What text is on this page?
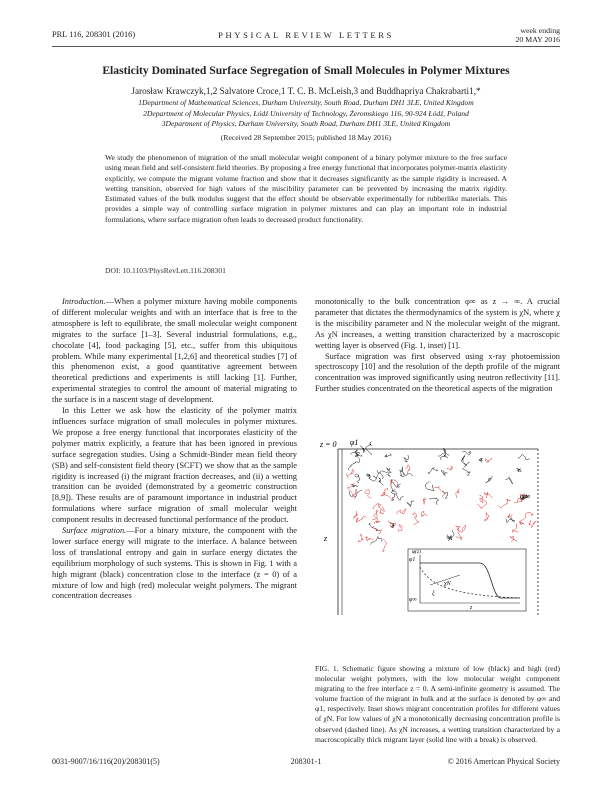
PRL 116, 208301 (2016)	PHYSICAL REVIEW LETTERS	week ending
20 MAY 2016
Elasticity Dominated Surface Segregation of Small Molecules in Polymer Mixtures
Jarosław Krawczyk,1,2 Salvatore Croce,1 T. C. B. McLeish,3 and Buddhapriya Chakrabarti1,*
1Department of Mathematical Sciences, Durham University, South Road, Durham DH1 3LE, United Kingdom
2Department of Molecular Physics, Łódź University of Technology, Żeromskiego 116, 90-924 Łódź, Poland
3Department of Physics, Durham University, South Road, Durham DH1 3LE, United Kingdom
(Received 28 September 2015; published 18 May 2016)
We study the phenomenon of migration of the small molecular weight component of a binary polymer mixture to the free surface using mean field and self-consistent field theories. By proposing a free energy functional that incorporates polymer-matrix elasticity explicitly, we compute the migrant volume fraction and show that it decreases significantly as the sample rigidity is increased. A wetting transition, observed for high values of the miscibility parameter can be prevented by increasing the matrix rigidity. Estimated values of the bulk modulus suggest that the effect should be observable experimentally for rubberlike materials. This provides a simple way of controlling surface migration in polymer mixtures and can play an important role in industrial formulations, where surface migration often leads to decreased product functionality.
DOI: 10.1103/PhysRevLett.116.208301

Introduction.—When a polymer mixture having mobile components of different molecular weights and with an interface that is free to the atmosphere is left to equilibrate, the small molecular weight component migrates to the surface [1–3]. Several industrial formulations, e.g., chocolate [4], food packaging [5], etc., suffer from this ubiquitous problem. While many experimental [1,2,6] and theoretical studies [7] of this phenomenon exist, a good quantitative agreement between theoretical predictions and experiments is still lacking [1]. Further, experimental strategies to control the amount of material migrating to the surface is in a nascent stage of development.

In this Letter we ask how the elasticity of the polymer matrix influences surface migration of small molecules in polymer mixtures. We propose a free energy functional that incorporates elasticity of the polymer matrix explicitly, a feature that has been ignored in previous surface segregation studies. Using a Schmidt-Binder mean field theory (SB) and self-consistent field theory (SCFT) we show that as the sample rigidity is increased (i) the migrant fraction decreases, and (ii) a wetting transition can be avoided (demonstrated by a geometric construction [8,9]). These results are of paramount importance in industrial product formulations where surface migration of small molecular weight component results in decreased functional performance of the product.

Surface migration.—For a binary mixture, the component with the lower surface energy will migrate to the interface. A balance between loss of translational entropy and gain in surface energy dictates the equilibrium morphology of such systems. This is shown in Fig. 1 with a high migrant (black) concentration close to the interface (z = 0) of a mixture of low and high (red) molecular weight polymers. The migrant concentration decreases

monotonically to the bulk concentration φ∞ as z → ∞. A crucial parameter that dictates the thermodynamics of the system is χN, where χ is the miscibility parameter and N the molecular weight of the migrant. As χN increases, a wetting transition characterized by a macroscopic wetting layer is observed (Fig. 1, inset) [1].

Surface migration was first observed using x-ray photoemission spectroscopy [10] and the resolution of the depth profile of the migrant concentration was improved significantly using neutron reflectivity [11]. Further studies concentrated on the theoretical aspects of the migration

z = 0 φ1
φ∞
z
φ1
φ∞
φ(z)
χN
ξ
z
FIG. 1. Schematic figure showing a mixture of low (black) and high (red) molecular weight polymers, with the low molecular weight component migrating to the free interface z = 0. A semi-infinite geometry is assumed. The volume fraction of the migrant in bulk and at the surface is denoted by φ∞ and φ1, respectively. Inset shows migrant concentration profiles for different values of χN. For low values of χN a monotonically decreasing concentration profile is observed (dashed line). As χN increases, a wetting transition characterized by a macroscopically thick migrant layer (solid line with a break) is observed.
0031-9007/16/116(20)/208301(5)	208301-1	© 2016 American Physical Society
